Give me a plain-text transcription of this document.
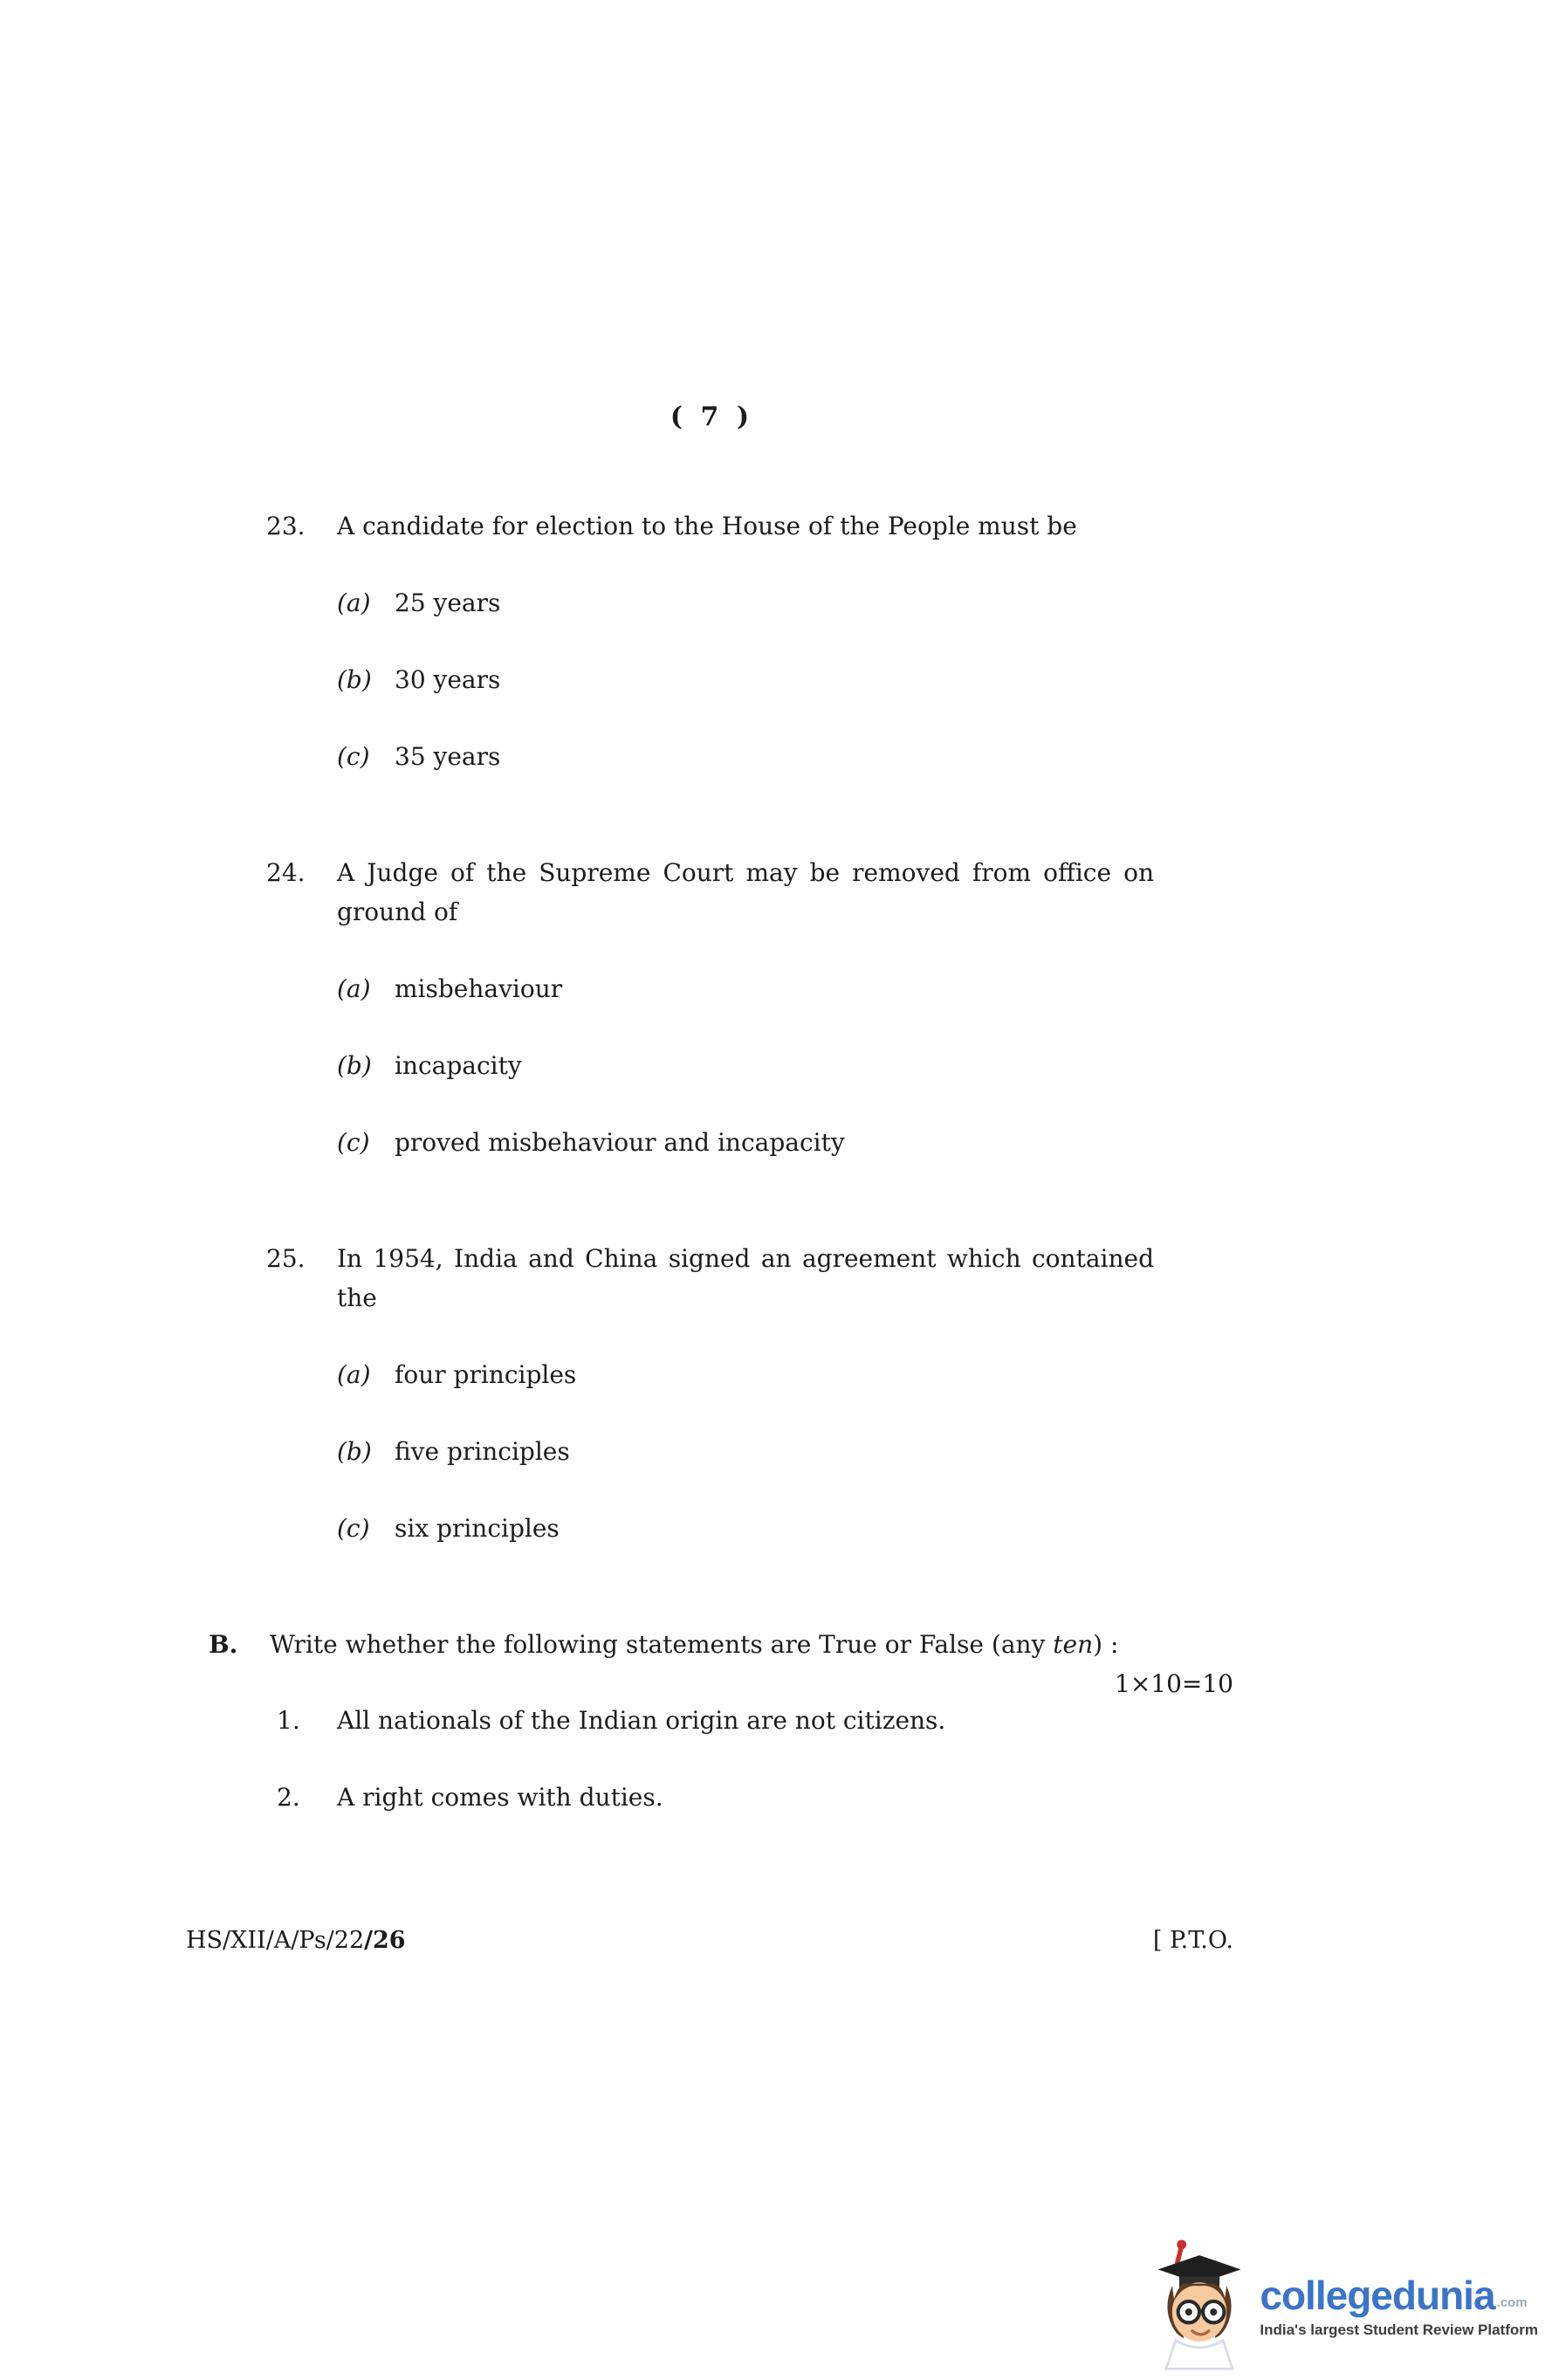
( 7 )
23.	A candidate for election to the House of the People must be

(a) 25 years
(b) 30 years
(c)	35 years
24.	A Judge of the Supreme Court may be removed from office on ground of

(a) misbehaviour
(b) incapacity
(c)	proved misbehaviour and incapacity
25.	In 1954, India and China signed an agreement which contained the

(a) four principles
(b) five principles
(c)	six principles
B.	Write whether the following statements are True or False (any ten) :

1×10=10
1.	All nationals of the Indian origin are not citizens.
2.	A right comes with duties.
HS/XII/A/Ps/22/26	[ P.T.O.
collegedunia .com
India's largest Student Review Platform
